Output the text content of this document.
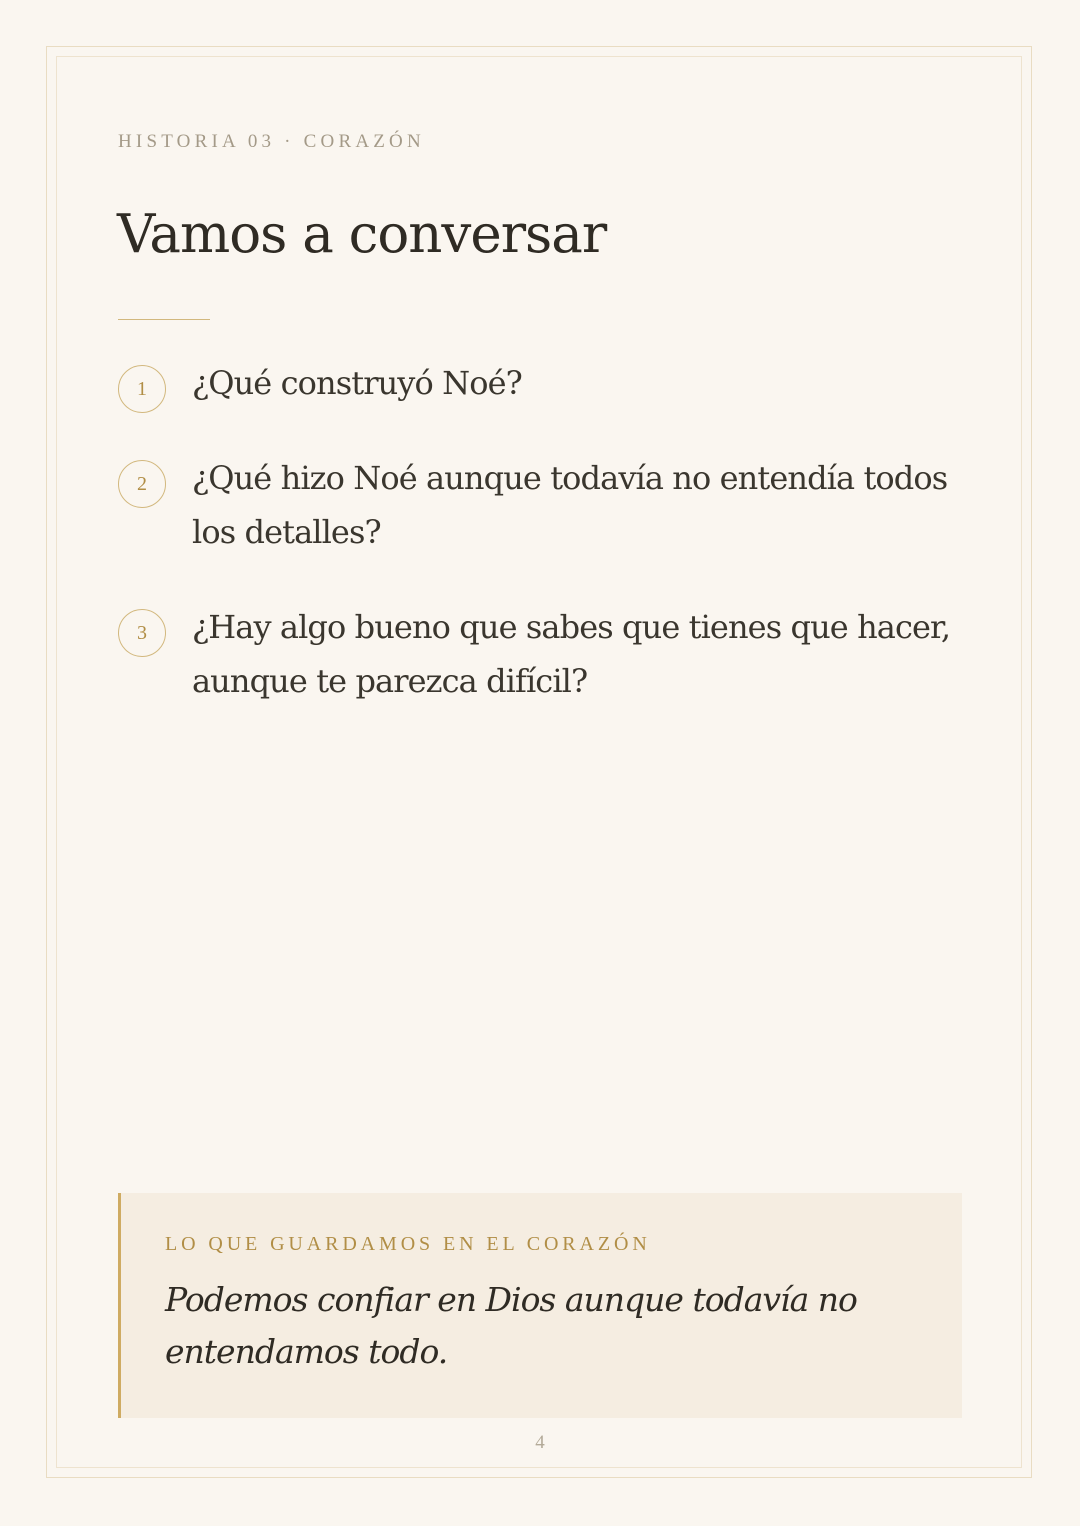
HISTORIA 03 · CORAZÓN
Vamos a conversar
1	¿Qué construyó Noé?
2	¿Qué hizo Noé aunque todavía no entendía todos los detalles?
3	¿Hay algo bueno que sabes que tienes que hacer, aunque te parezca difícil?
LO QUE GUARDAMOS EN EL CORAZÓN
Podemos confiar en Dios aunque todavía no entendamos todo.
4
